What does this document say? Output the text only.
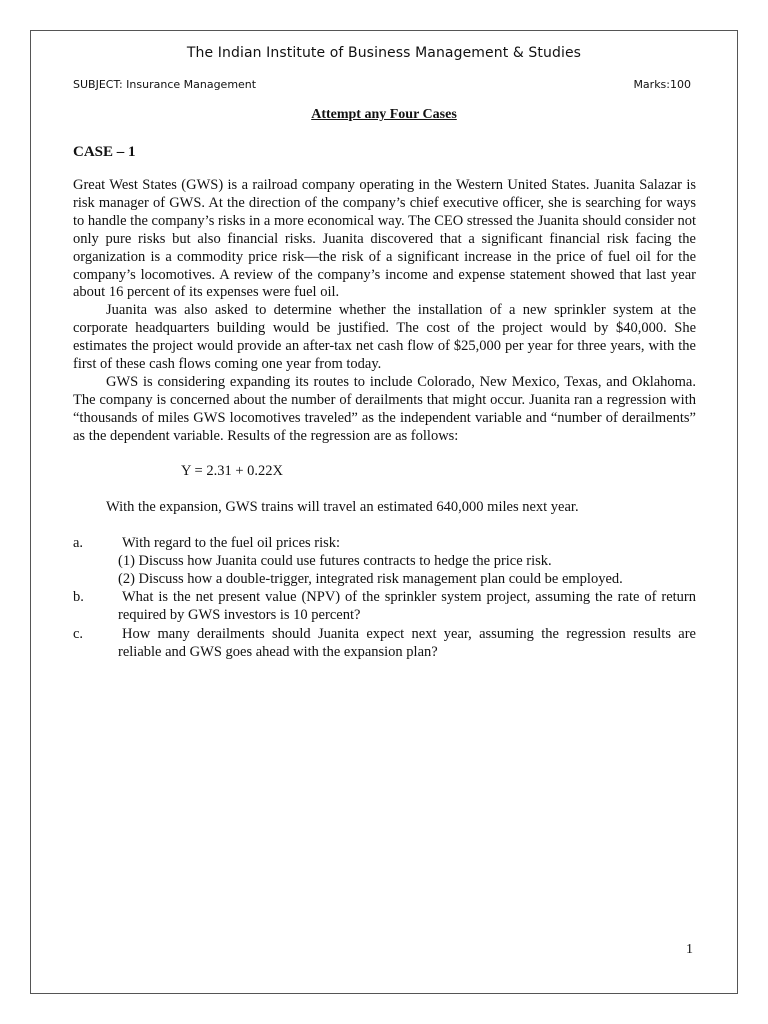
The Indian Institute of Business Management & Studies
SUBJECT: Insurance Management	Marks:100
Attempt any Four Cases
CASE – 1

Great West States (GWS) is a railroad company operating in the Western United States. Juanita Salazar is risk manager of GWS. At the direction of the company’s chief executive officer, she is searching for ways to handle the company’s risks in a more economical way. The CEO stressed the Juanita should consider not only pure risks but also financial risks. Juanita discovered that a significant financial risk facing the organization is a commodity price risk—the risk of a significant increase in the price of fuel oil for the company’s locomotives. A review of the company’s income and expense statement showed that last year about 16 percent of its expenses were fuel oil.

Juanita was also asked to determine whether the installation of a new sprinkler system at the corporate headquarters building would be justified. The cost of the project would by $40,000. She estimates the project would provide an after-tax net cash flow of $25,000 per year for three years, with the first of these cash flows coming one year from today.

GWS is considering expanding its routes to include Colorado, New Mexico, Texas, and Oklahoma. The company is concerned about the number of derailments that might occur. Juanita ran a regression with “thousands of miles GWS locomotives traveled” as the independent variable and “number of derailments” as the dependent variable. Results of the regression are as follows:

Y = 2.31 + 0.22X
With the expansion, GWS trains will travel an estimated 640,000 miles next year.
a.	With regard to the fuel oil prices risk:
(1) Discuss how Juanita could use futures contracts to hedge the price risk.
(2) Discuss how a double-trigger, integrated risk management plan could be employed.
b.	What is the net present value (NPV) of the sprinkler system project, assuming the rate of return required by GWS investors is 10 percent?
c.	How many derailments should Juanita expect next year, assuming the regression results are reliable and GWS goes ahead with the expansion plan?
1
